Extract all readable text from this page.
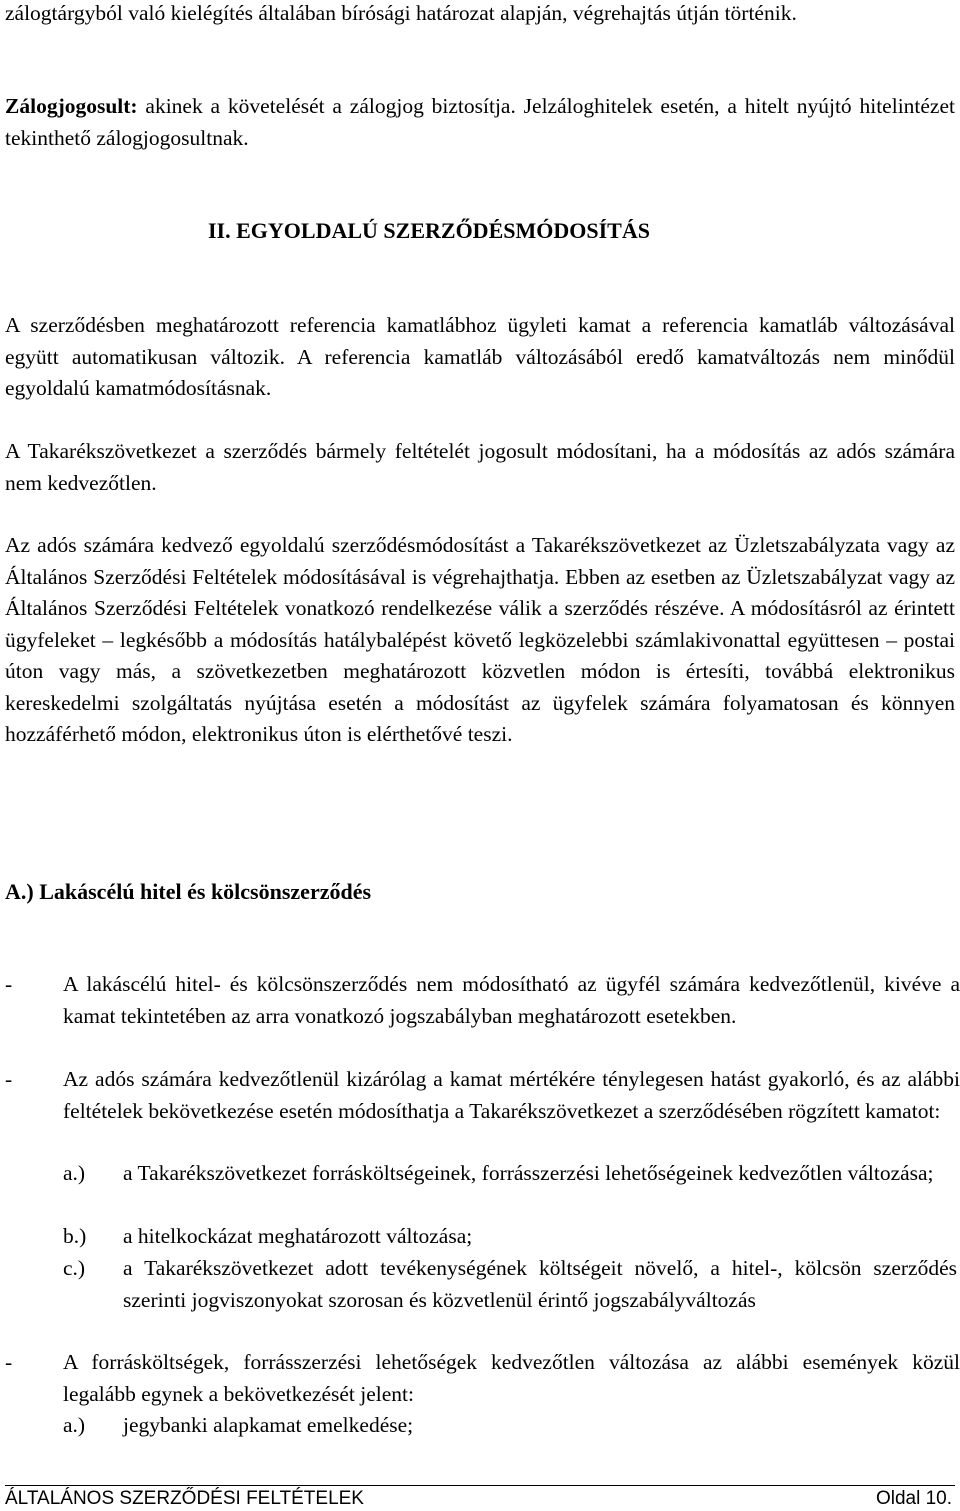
zálogtárgyból való kielégítés általában bírósági határozat alapján, végrehajtás útján történik.

Zálogjogosult: akinek a követelését a zálogjog biztosítja. Jelzáloghitelek esetén, a hitelt nyújtó hitelintézet tekinthető zálogjogosultnak.

II. EGYOLDALÚ SZERZŐDÉSMÓDOSÍTÁS

A szerződésben meghatározott referencia kamatlábhoz ügyleti kamat a referencia kamatláb változásával együtt automatikusan változik. A referencia kamatláb változásából eredő kamatváltozás nem minődül egyoldalú kamatmódosításnak.

A Takarékszövetkezet a szerződés bármely feltételét jogosult módosítani, ha a módosítás az adós számára nem kedvezőtlen.

Az adós számára kedvező egyoldalú szerződésmódosítást a Takarékszövetkezet az Üzletszabályzata vagy az Általános Szerződési Feltételek módosításával is végrehajthatja. Ebben az esetben az Üzletszabályzat vagy az Általános Szerződési Feltételek vonatkozó rendelkezése válik a szerződés részéve. A módosításról az érintett ügyfeleket – legkésőbb a módosítás hatálybalépést követő legközelebbi számlakivonattal együttesen – postai úton vagy más, a szövetkezetben meghatározott közvetlen módon is értesíti, továbbá elektronikus kereskedelmi szolgáltatás nyújtása esetén a módosítást az ügyfelek számára folyamatosan és könnyen hozzáférhető módon, elektronikus úton is elérthetővé teszi.

A.) Lakáscélú hitel és kölcsönszerződés
-	A lakáscélú hitel- és kölcsönszerződés nem módosítható az ügyfél számára kedvezőtlenül, kivéve a kamat tekintetében az arra vonatkozó jogszabályban meghatározott esetekben.
-	Az adós számára kedvezőtlenül kizárólag a kamat mértékére ténylegesen hatást gyakorló, és az alábbi feltételek bekövetkezése esetén módosíthatja a Takarékszövetkezet a szerződésében rögzített kamatot:
a.)	a Takarékszövetkezet forrásköltségeinek, forrásszerzési lehetőségeinek kedvezőtlen változása;
b.)	a hitelkockázat meghatározott változása;
c.)	a Takarékszövetkezet adott tevékenységének költségeit növelő, a hitel-, kölcsön szerződés szerinti jogviszonyokat szorosan és közvetlenül érintő jogszabályváltozás
-	A forrásköltségek, forrásszerzési lehetőségek kedvezőtlen változása az alábbi események közül legalább egynek a bekövetkezését jelent:
a.)	jegybanki alapkamat emelkedése;
ÁLTALÁNOS SZERZŐDÉSI FELTÉTELEK	Oldal 10.
